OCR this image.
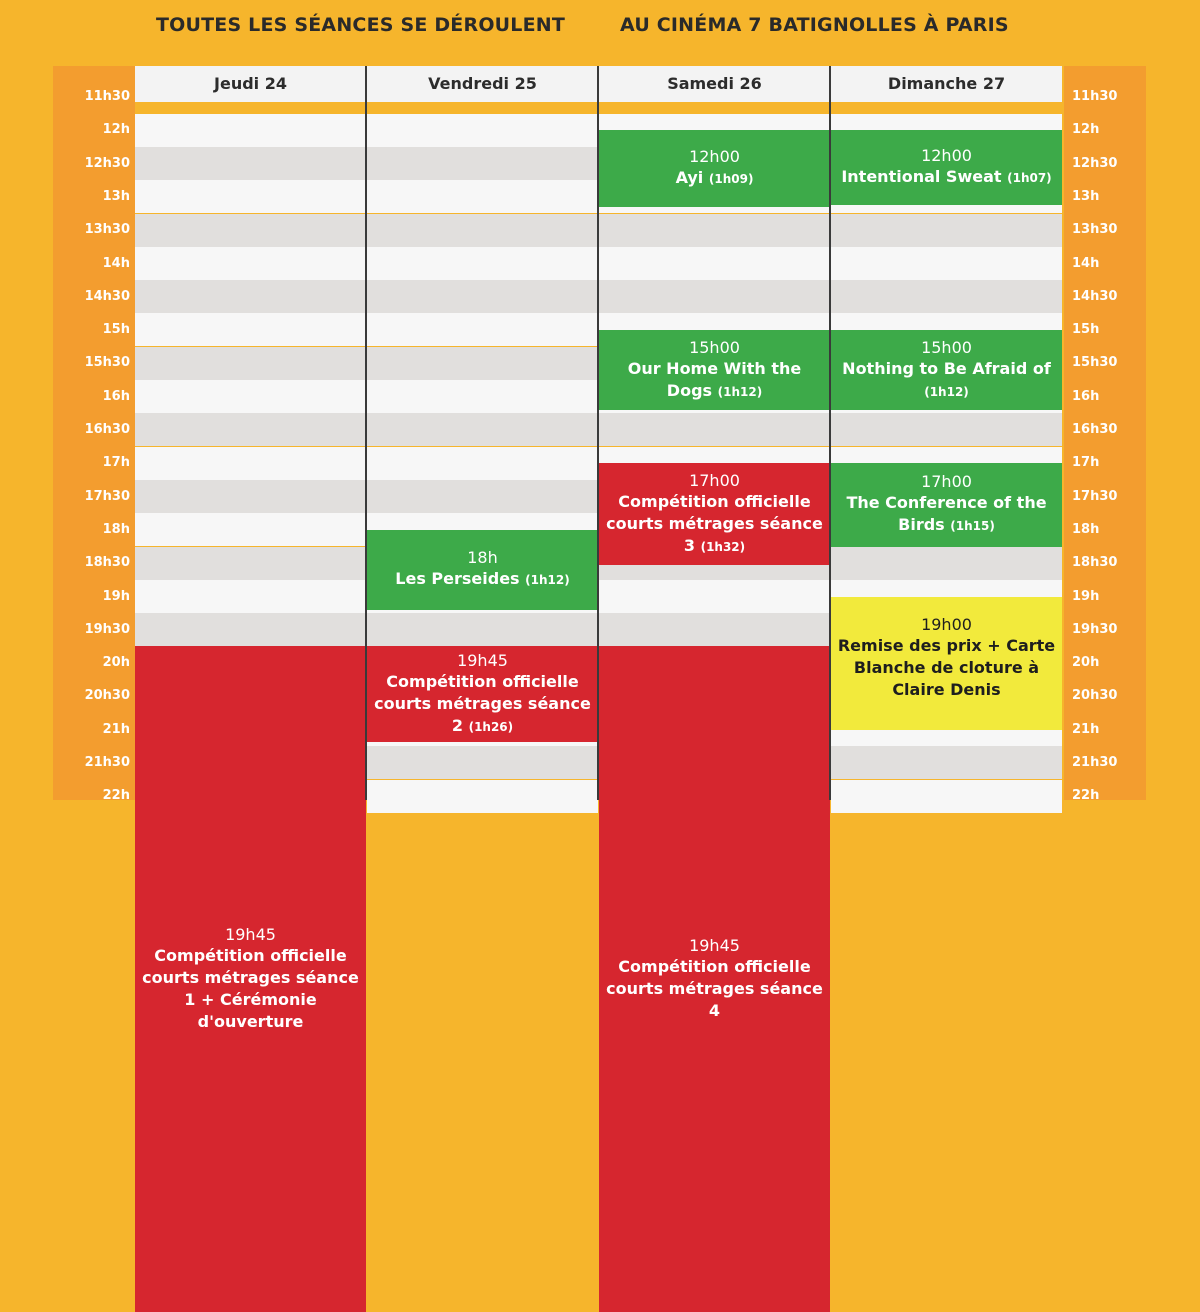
TOUTES LES SÉANCES SE DÉROULENT	AU CINÉMA 7 BATIGNOLLES À PARIS
11h30
12h
12h30
13h
13h30
14h
14h30
15h
15h30
16h
16h30
17h
17h30
18h
18h30
19h
19h30
20h
20h30
21h
21h30
22h
11h30
12h
12h30
13h
13h30
14h
14h30
15h
15h30
16h
16h30
17h
17h30
18h
18h30
19h
19h30
20h
20h30
21h
21h30
22h
Jeudi 24
19h45
Compétition officielle courts métrages séance 1 + Cérémonie d'ouverture
Vendredi 25
18h
Les Perseides (1h12)
19h45
Compétition officielle courts métrages séance 2 (1h26)
Samedi 26
12h00
Ayi (1h09)
15h00
Our Home With the Dogs (1h12)
17h00
Compétition officielle courts métrages séance 3 (1h32)
19h45
Compétition officielle courts métrages séance 4
Dimanche 27
12h00
Intentional Sweat (1h07)
15h00
Nothing to Be Afraid of (1h12)
17h00
The Conference of the Birds (1h15)
19h00
Remise des prix + Carte Blanche de cloture à Claire Denis
